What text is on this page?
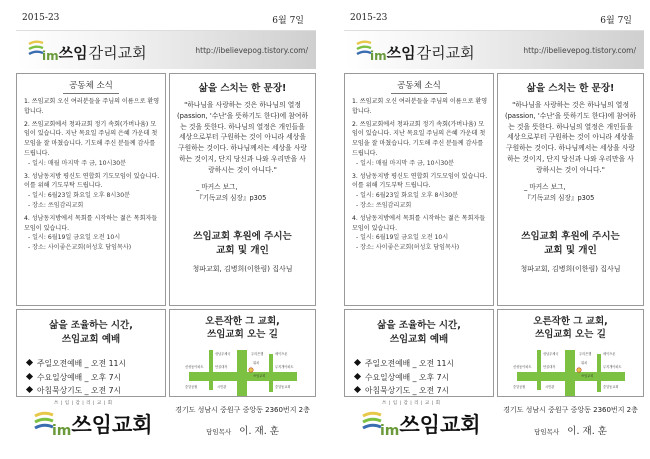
2015-23	6월 7일
im 쓰임 감리교회	http://ibelievepog.tistory.com/
공동체 소식
1. 쓰임교회 오신 여러분들을 주님의 이름으로 환영합니다.
2. 쓰임교회에서 청파교회 정기 속회(가버나움) 모임이 있습니다. 지난 목요일 주님의 은혜 가운데 첫 모임을 잘 마쳤습니다. 기도해 주신 분들께 감사를 드립니다.
- 일시: 매월 마지막 주 금, 10시30분
3. 성남동지방 평신도 연합회 기도모임이 있습니다. 이를 위해 기도부탁 드립니다.
- 일시: 6월23일 화요일 오후 8시30분
- 장소: 쓰임감리교회
4. 성남동지방에서 목회를 시작하는 젊은 목회자들 모임이 있습니다.
- 일시: 6월19일 금요일 오전 10시
- 장소: 사이좋은교회(허성호 담임목사)
삶을 스치는 한 문장!
"하나님을 사랑하는 것은 하나님의 열정(passion, '수난'을 뜻하기도 한다)에 참여하는 것을 뜻한다. 하나님의 열정은 개인들을 세상으로부터 구원하는 것이 아니라 세상을 구원하는 것이다. 하나님께서는 세상을 사랑하는 것이지, 단지 당신과 나와 우리만을 사랑하시는 것이 아니다."
_ 마커스 보그,
『기독교의 심장』p305
쓰임교회 후원에 주시는
교회 및 개인
청파교회, 김병희(이한림) 집사님
삶을 조율하는 시간,
쓰임교회 예배
주일오전예배 _ 오전 11시
수요일상예배 _ 오후 7시
아침묵상기도 _ 오전 7시
오른작한 그 교회,
쓰임교회 오는 길
성남우체국	우리은행	세이프존
신성동아파트	안골대자	무지개아파트
중앙공원	시민관
위치
쓰임교회
중앙동교회
쓰 | 임 | 감 | 리 | 교 | 회
im 쓰임교회
경기도 성남시 중원구 중앙동 2360번지 2층
담임목사 이. 재. 훈
2015-23	6월 7일
im 쓰임 감리교회	http://ibelievepog.tistory.com/
공동체 소식
1. 쓰임교회 오신 여러분들을 주님의 이름으로 환영합니다.
2. 쓰임교회에서 청파교회 정기 속회(가버나움) 모임이 있습니다. 지난 목요일 주님의 은혜 가운데 첫 모임을 잘 마쳤습니다. 기도해 주신 분들께 감사를 드립니다.
- 일시: 매월 마지막 주 금, 10시30분
3. 성남동지방 평신도 연합회 기도모임이 있습니다. 이를 위해 기도부탁 드립니다.
- 일시: 6월23일 화요일 오후 8시30분
- 장소: 쓰임감리교회
4. 성남동지방에서 목회를 시작하는 젊은 목회자들 모임이 있습니다.
- 일시: 6월19일 금요일 오전 10시
- 장소: 사이좋은교회(허성호 담임목사)
삶을 스치는 한 문장!
"하나님을 사랑하는 것은 하나님의 열정(passion, '수난'을 뜻하기도 한다)에 참여하는 것을 뜻한다. 하나님의 열정은 개인들을 세상으로부터 구원하는 것이 아니라 세상을 구원하는 것이다. 하나님께서는 세상을 사랑하는 것이지, 단지 당신과 나와 우리만을 사랑하시는 것이 아니다."
_ 마커스 보그,
『기독교의 심장』p305
쓰임교회 후원에 주시는
교회 및 개인
청파교회, 김병희(이한림) 집사님
삶을 조율하는 시간,
쓰임교회 예배
주일오전예배 _ 오전 11시
수요일상예배 _ 오후 7시
아침묵상기도 _ 오전 7시
오른작한 그 교회,
쓰임교회 오는 길
성남우체국	우리은행	세이프존
신성동아파트	안골대자	무지개아파트
중앙공원	시민관
위치
쓰임교회
중앙동교회
쓰 | 임 | 감 | 리 | 교 | 회
im 쓰임교회
경기도 성남시 중원구 중앙동 2360번지 2층
담임목사 이. 재. 훈
